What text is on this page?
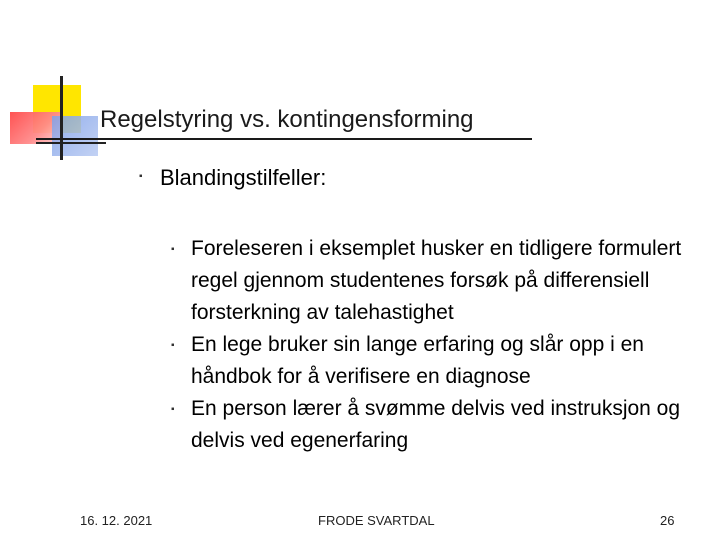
Regelstyring vs. kontingensforming
▪ Blandingstilfeller:

▪ Foreleseren i eksemplet husker en tidligere formulert regel gjennom studentenes forsøk på differensiell forsterkning av talehastighet

▪ En lege bruker sin lange erfaring og slår opp i en håndbok for å verifisere en diagnose

▪ En person lærer å svømme delvis ved instruksjon og delvis ved egenerfaring

16. 12. 2021	FRODE SVARTDAL	26
